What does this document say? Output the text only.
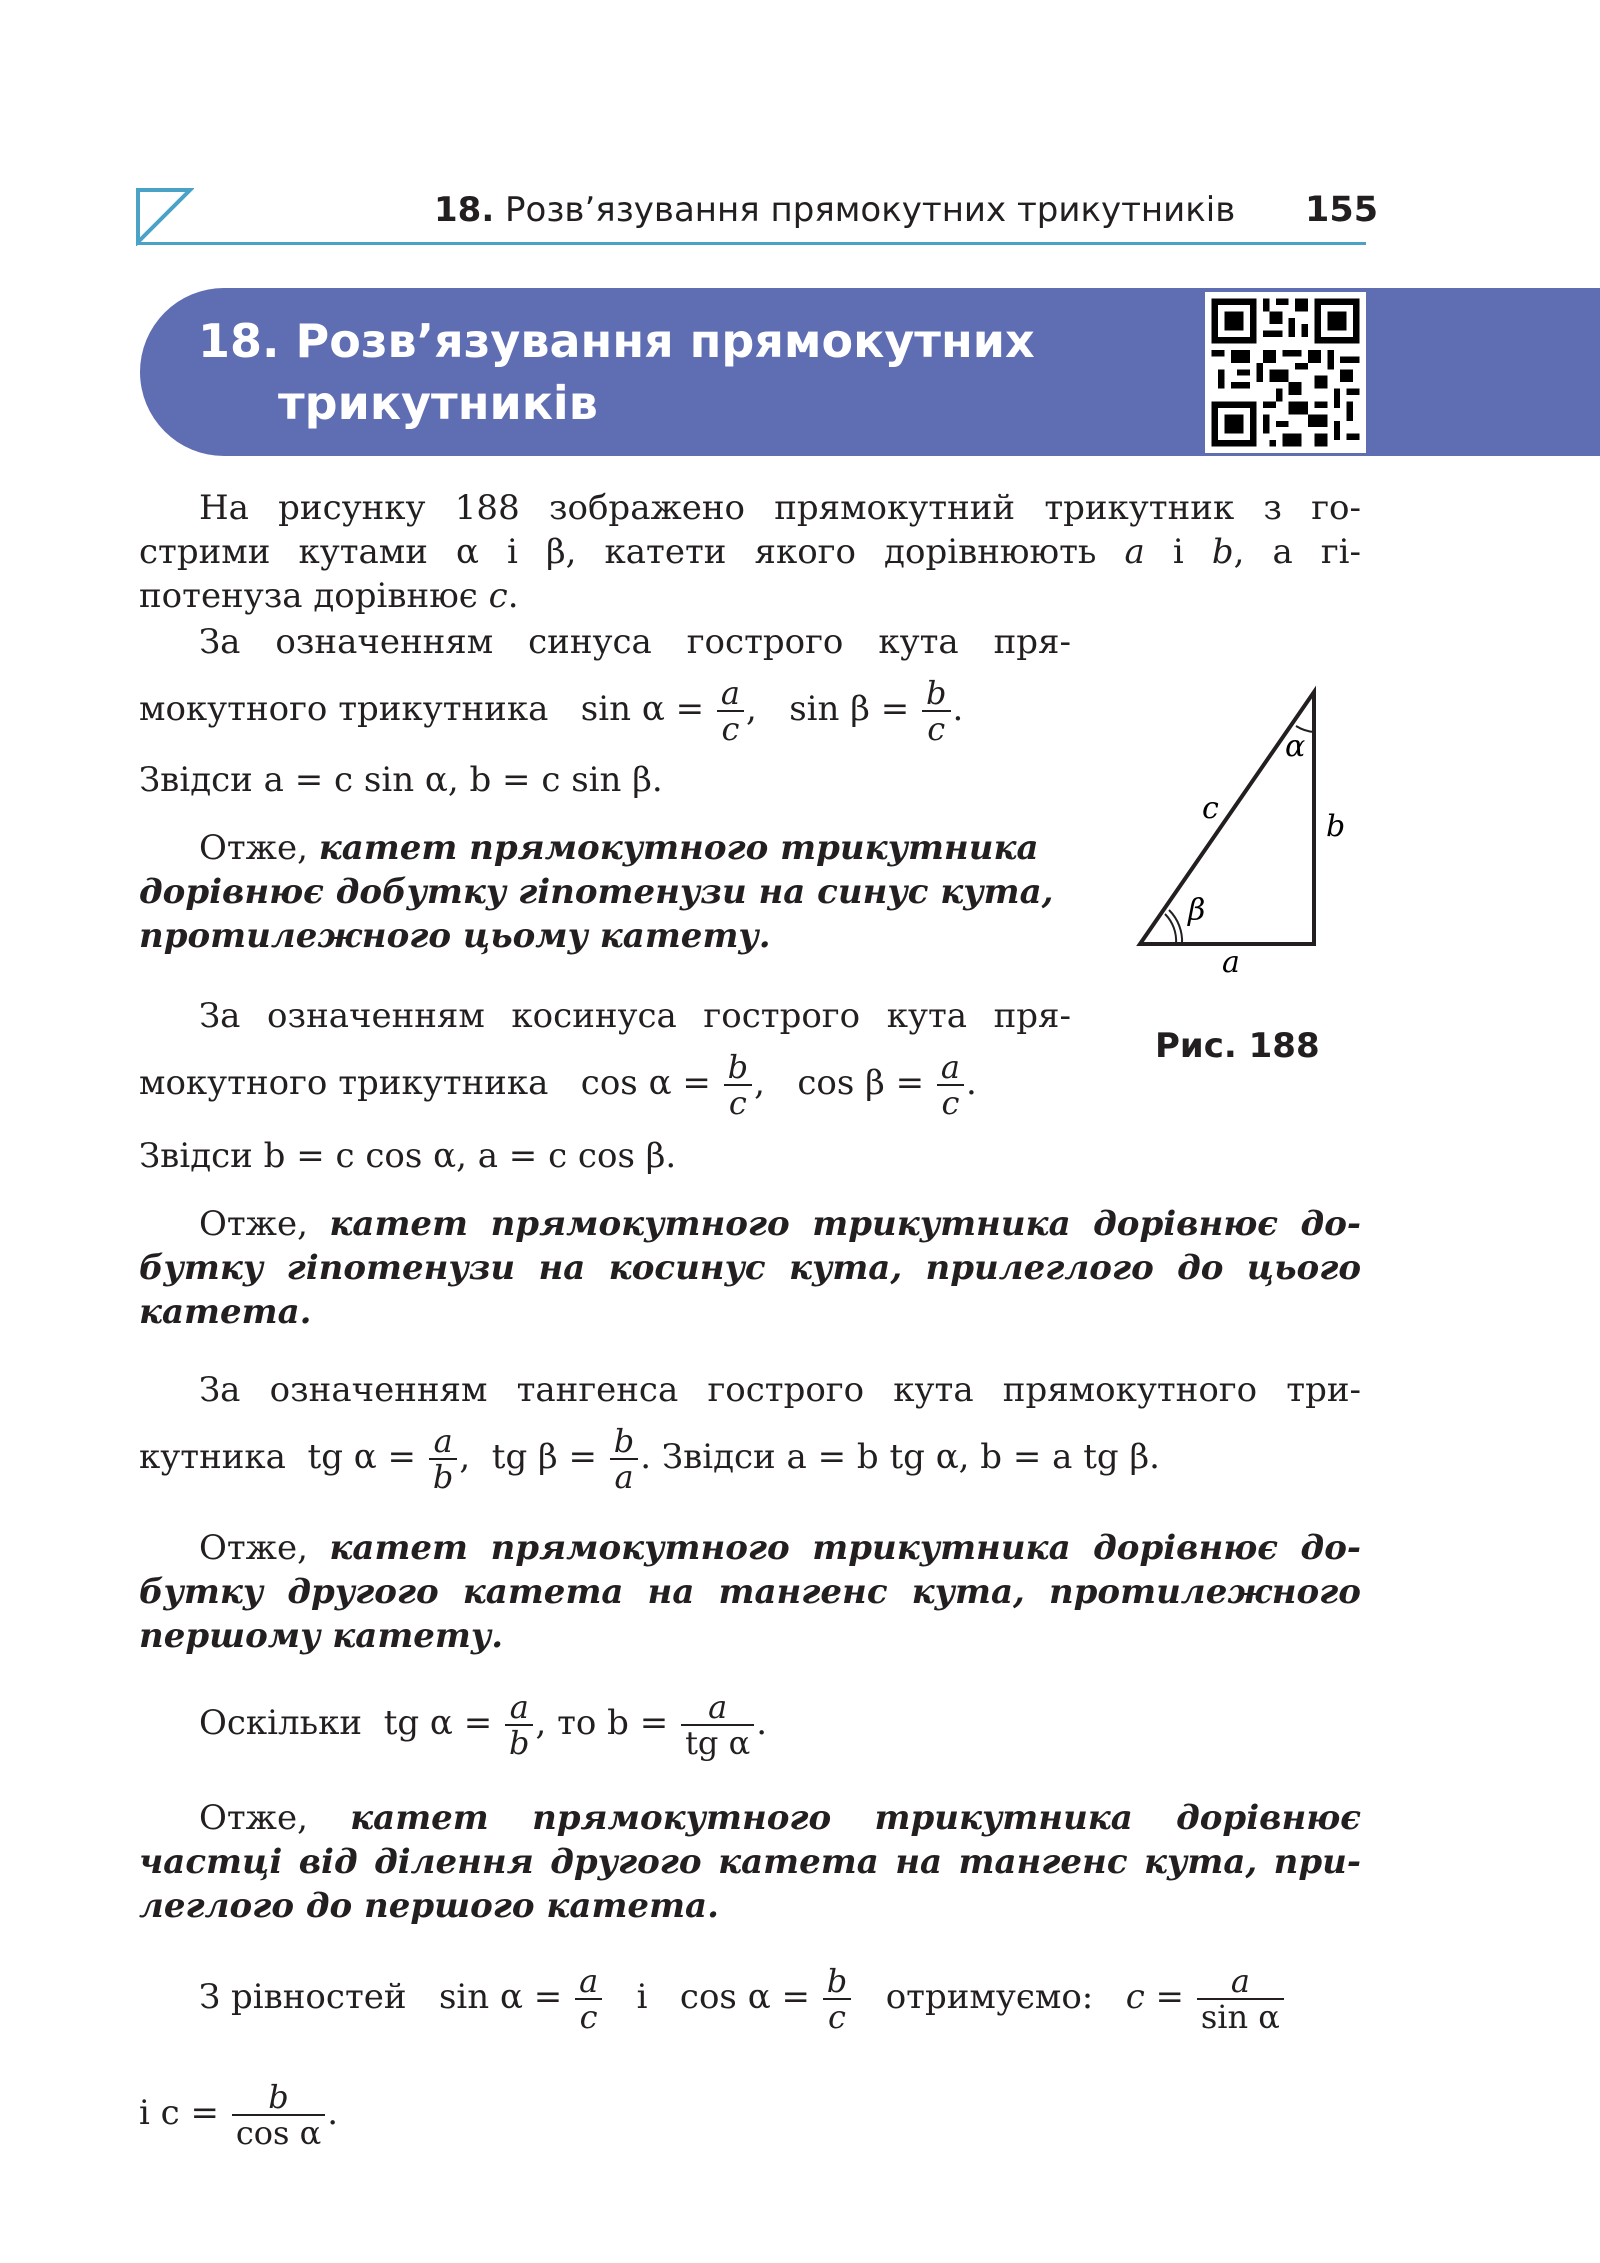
18. Розв’язування прямокутних трикутників 155
18. Розв’язування прямокутних
трикутників
На рисунку 188 зображено прямокутний трикутник з го-
стрими кутами α і β, катети якого дорівнюють a і b, а гі-
потенуза дорівнює c.
За означенням синуса гострого кута пря-
мокутного трикутника $\sin \alpha = \frac{a}{c}$ ,   $\sin \beta = \frac{b}{c}$ .
Звідси a = c sin α, b = c sin β.
Отже, катет прямокутного трикутника
дорівнює добутку гіпотенузи на синус кута,
протилежного цьому катету.
α
β
a
b
c
Рис. 188
За означенням косинуса гострого кута пря-
мокутного трикутника $\cos \alpha = \frac{b}{c}$ ,   $\cos \beta = \frac{a}{c}$ .
Звідси b = c cos α, a = c cos β.
Отже, катет прямокутного трикутника дорівнює до-
бутку гіпотенузи на косинус кута, прилеглого до цього
катета.
За означенням тангенса гострого кута прямокутного три-
кутника tg $\alpha = \frac{a}{b}$ ,  tg $\beta = \frac{b}{a}$ . Звідси a = b tg α, b = a tg β.
Отже, катет прямокутного трикутника дорівнює до-
бутку другого катета на тангенс кута, протилежного
першому катету.
Оскільки tg $\alpha = \frac{a}{b}$ , то $b = \frac{a}{\text{tg α}}$ .
Отже, катет прямокутного трикутника дорівнює
частці від ділення другого катета на тангенс кута, при-
леглого до першого катета.
З рівностей $\sin \alpha = \frac{a}{c}$ і $\cos \alpha = \frac{b}{c}$ отримуємо: $c = \frac{a}{\text{sin α}}$
і $c = \frac{b}{\text{cos α}}$ .
